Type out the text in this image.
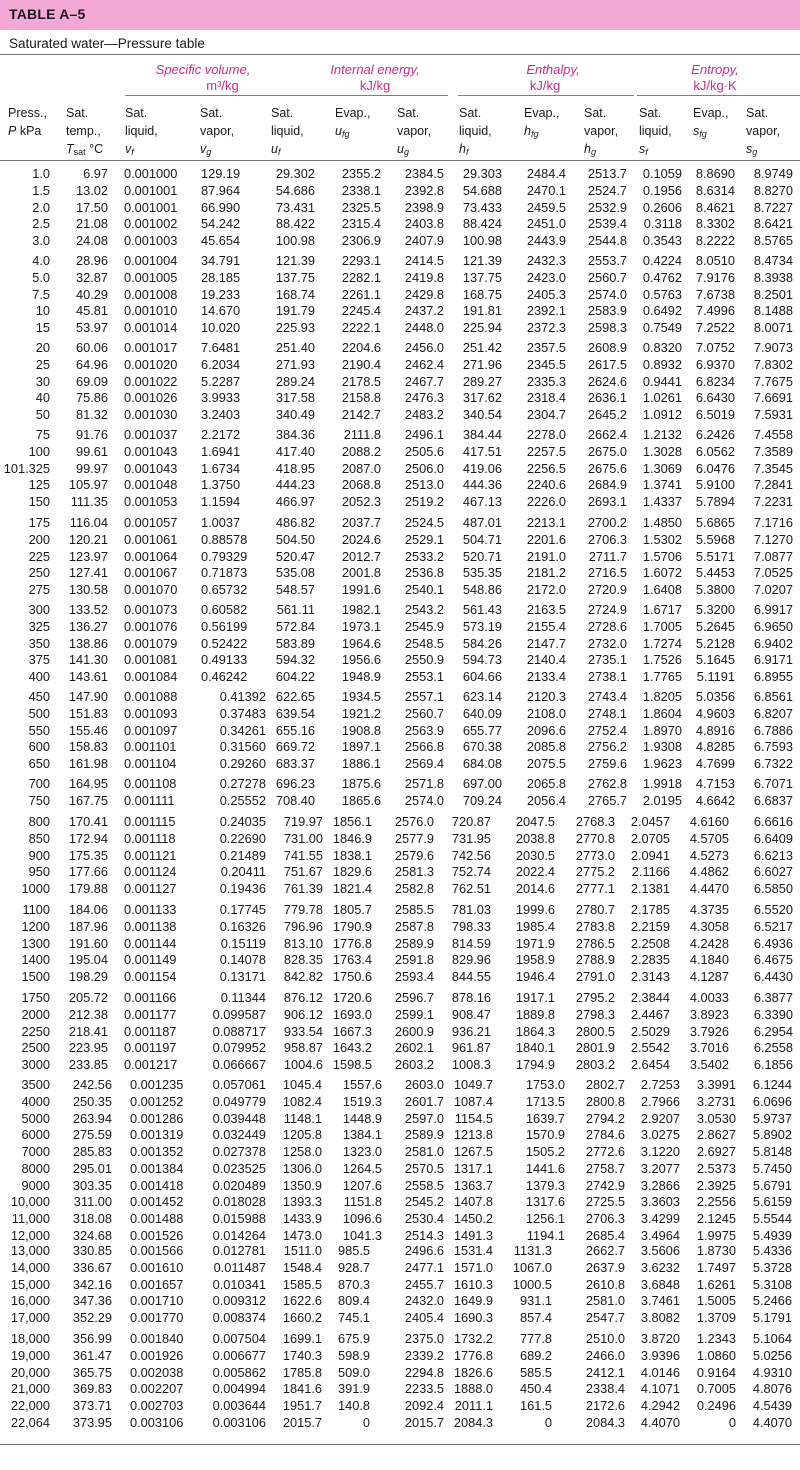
TABLE A–5
Saturated water—Pressure table
Specific volume,
m³/kg
Internal energy,
kJ/kg
Enthalpy,
kJ/kg
Entropy,
kJ/kg·K
Press.,
P kPa
Sat.
temp.,
$T_{sat}$ °C
Sat.
liquid,
$v_f$
Sat.
vapor,
$v_g$
Sat.
liquid,
$u_f$
Evap.,
$u_{fg}$
Sat.
vapor,
$u_g$
Sat.
liquid,
$h_f$
Evap.,
$h_{fg}$
Sat.
vapor,
$h_g$
Sat.
liquid,
$s_f$
Evap.,
$s_{fg}$
Sat.
vapor,
$s_g$
1.0	6.97 0.001000 129.19	29.302	2355.2	2384.5	29.303	2484.4	2513.7	0.1059	8.8690	8.9749
1.5	13.02 0.001001 87.964	54.686	2338.1	2392.8	54.688	2470.1	2524.7	0.1956	8.6314	8.8270
2.0	17.50 0.001001 66.990	73.431	2325.5	2398.9	73.433	2459.5	2532.9	0.2606	8.4621	8.7227
2.5	21.08 0.001002 54.242	88.422	2315.4	2403.8	88.424	2451.0	2539.4	0.3118	8.3302	8.6421
3.0	24.08 0.001003 45.654	100.98	2306.9	2407.9	100.98	2443.9	2544.8	0.3543	8.2222	8.5765
4.0	28.96 0.001004 34.791	121.39	2293.1	2414.5	121.39	2432.3	2553.7	0.4224	8.0510	8.4734
5.0	32.87 0.001005 28.185	137.75	2282.1	2419.8	137.75	2423.0	2560.7	0.4762	7.9176	8.3938
7.5	40.29 0.001008 19.233	168.74	2261.1	2429.8	168.75	2405.3	2574.0	0.5763	7.6738	8.2501
10	45.81 0.001010 14.670	191.79	2245.4	2437.2	191.81	2392.1	2583.9	0.6492	7.4996	8.1488
15	53.97 0.001014 10.020	225.93	2222.1	2448.0	225.94	2372.3	2598.3	0.7549	7.2522	8.0071
20	60.06 0.001017 7.6481	251.40	2204.6	2456.0	251.42	2357.5	2608.9	0.8320	7.0752	7.9073
25	64.96 0.001020 6.2034	271.93	2190.4	2462.4	271.96	2345.5	2617.5	0.8932	6.9370	7.8302
30	69.09 0.001022 5.2287	289.24	2178.5	2467.7	289.27	2335.3	2624.6	0.9441	6.8234	7.7675
40	75.86 0.001026 3.9933	317.58	2158.8	2476.3	317.62	2318.4	2636.1	1.0261	6.6430	7.6691
50	81.32 0.001030 3.2403	340.49	2142.7	2483.2	340.54	2304.7	2645.2	1.0912	6.5019	7.5931
75	91.76 0.001037 2.2172	384.36	2111.8	2496.1	384.44	2278.0	2662.4	1.2132	6.2426	7.4558
100	99.61 0.001043 1.6941	417.40	2088.2	2505.6	417.51	2257.5	2675.0	1.3028	6.0562	7.3589
101.325	99.97 0.001043 1.6734	418.95	2087.0	2506.0	419.06	2256.5	2675.6	1.3069	6.0476	7.3545
125	105.97 0.001048 1.3750	444.23	2068.8	2513.0	444.36	2240.6	2684.9	1.3741	5.9100	7.2841
150	111.35 0.001053 1.1594	466.97	2052.3	2519.2	467.13	2226.0	2693.1	1.4337	5.7894	7.2231
175	116.04 0.001057 1.0037	486.82	2037.7	2524.5	487.01	2213.1	2700.2	1.4850	5.6865	7.1716
200	120.21 0.001061 0.88578	504.50	2024.6	2529.1	504.71	2201.6	2706.3	1.5302	5.5968	7.1270
225	123.97 0.001064 0.79329	520.47	2012.7	2533.2	520.71	2191.0	2711.7	1.5706	5.5171	7.0877
250	127.41 0.001067 0.71873	535.08	2001.8	2536.8	535.35	2181.2	2716.5	1.6072	5.4453	7.0525
275	130.58 0.001070 0.65732	548.57	1991.6	2540.1	548.86	2172.0	2720.9	1.6408	5.3800	7.0207
300	133.52 0.001073 0.60582	561.11	1982.1	2543.2	561.43	2163.5	2724.9	1.6717	5.3200	6.9917
325	136.27 0.001076 0.56199	572.84	1973.1	2545.9	573.19	2155.4	2728.6	1.7005	5.2645	6.9650
350	138.86 0.001079 0.52422	583.89	1964.6	2548.5	584.26	2147.7	2732.0	1.7274	5.2128	6.9402
375	141.30 0.001081 0.49133	594.32	1956.6	2550.9	594.73	2140.4	2735.1	1.7526	5.1645	6.9171
400	143.61 0.001084 0.46242	604.22	1948.9	2553.1	604.66	2133.4	2738.1	1.7765	5.1191	6.8955
450	147.90 0.001088	0.41392 622.65	1934.5	2557.1	623.14	2120.3	2743.4	1.8205	5.0356	6.8561
500	151.83 0.001093	0.37483 639.54	1921.2	2560.7	640.09	2108.0	2748.1	1.8604	4.9603	6.8207
550	155.46 0.001097	0.34261 655.16	1908.8	2563.9	655.77	2096.6	2752.4	1.8970	4.8916	6.7886
600	158.83 0.001101	0.31560 669.72	1897.1	2566.8	670.38	2085.8	2756.2	1.9308	4.8285	6.7593
650	161.98 0.001104	0.29260 683.37	1886.1	2569.4	684.08	2075.5	2759.6	1.9623	4.7699	6.7322
700	164.95 0.001108	0.27278 696.23	1875.6	2571.8	697.00	2065.8	2762.8	1.9918	4.7153	6.7071
750	167.75 0.001111	0.25552 708.40	1865.6	2574.0	709.24	2056.4	2765.7	2.0195	4.6642	6.6837
800	170.41 0.001115	0.24035	719.97 1856.1	2576.0	720.87	2047.5	2768.3	2.0457	4.6160	6.6616
850	172.94 0.001118	0.22690	731.00 1846.9	2577.9	731.95	2038.8	2770.8	2.0705	4.5705	6.6409
900	175.35 0.001121	0.21489	741.55 1838.1	2579.6	742.56	2030.5	2773.0	2.0941	4.5273	6.6213
950	177.66 0.001124	0.20411	751.67 1829.6	2581.3	752.74	2022.4	2775.2	2.1166	4.4862	6.6027
1000	179.88 0.001127	0.19436	761.39 1821.4	2582.8	762.51	2014.6	2777.1	2.1381	4.4470	6.5850
1100	184.06 0.001133	0.17745	779.78 1805.7	2585.5	781.03	1999.6	2780.7	2.1785	4.3735	6.5520
1200	187.96 0.001138	0.16326	796.96 1790.9	2587.8	798.33	1985.4	2783.8	2.2159	4.3058	6.5217
1300	191.60 0.001144	0.15119	813.10 1776.8	2589.9	814.59	1971.9	2786.5	2.2508	4.2428	6.4936
1400	195.04 0.001149	0.14078	828.35 1763.4	2591.8	829.96	1958.9	2788.9	2.2835	4.1840	6.4675
1500	198.29 0.001154	0.13171	842.82 1750.6	2593.4	844.55	1946.4	2791.0	2.3143	4.1287	6.4430
1750	205.72 0.001166	0.11344	876.12 1720.6	2596.7	878.16	1917.1	2795.2	2.3844	4.0033	6.3877
2000	212.38 0.001177	0.099587	906.12 1693.0	2599.1	908.47	1889.8	2798.3	2.4467	3.8923	6.3390
2250	218.41 0.001187	0.088717	933.54 1667.3	2600.9	936.21	1864.3	2800.5	2.5029	3.7926	6.2954
2500	223.95 0.001197	0.079952	958.87 1643.2	2602.1	961.87	1840.1	2801.9	2.5542	3.7016	6.2558
3000	233.85 0.001217	0.066667	1004.6 1598.5	2603.2	1008.3	1794.9	2803.2	2.6454	3.5402	6.1856
3500	242.56 0.001235	0.057061	1045.4	1557.6	2603.0 1049.7	1753.0	2802.7	2.7253	3.3991	6.1244
4000	250.35 0.001252	0.049779	1082.4	1519.3	2601.7 1087.4	1713.5	2800.8	2.7966	3.2731	6.0696
5000	263.94 0.001286	0.039448	1148.1	1448.9	2597.0 1154.5	1639.7	2794.2	2.9207	3.0530	5.9737
6000	275.59 0.001319	0.032449	1205.8	1384.1	2589.9 1213.8	1570.9	2784.6	3.0275	2.8627	5.8902
7000	285.83 0.001352	0.027378	1258.0	1323.0	2581.0 1267.5	1505.2	2772.6	3.1220	2.6927	5.8148
8000	295.01 0.001384	0.023525	1306.0	1264.5	2570.5 1317.1	1441.6	2758.7	3.2077	2.5373	5.7450
9000	303.35 0.001418	0.020489	1350.9	1207.6	2558.5 1363.7	1379.3	2742.9	3.2866	2.3925	5.6791
10,000	311.00 0.001452	0.018028	1393.3	1151.8	2545.2 1407.8	1317.6	2725.5	3.3603	2.2556	5.6159
11,000	318.08 0.001488	0.015988	1433.9	1096.6	2530.4 1450.2	1256.1	2706.3	3.4299	2.1245	5.5544
12,000	324.68 0.001526	0.014264	1473.0	1041.3	2514.3 1491.3	1194.1	2685.4	3.4964	1.9975	5.4939
13,000	330.85 0.001566	0.012781	1511.0	985.5	2496.6 1531.4	1131.3	2662.7	3.5606	1.8730	5.4336
14,000	336.67 0.001610	0.011487	1548.4	928.7	2477.1 1571.0	1067.0	2637.9	3.6232	1.7497	5.3728
15,000	342.16 0.001657	0.010341	1585.5	870.3	2455.7 1610.3	1000.5	2610.8	3.6848	1.6261	5.3108
16,000	347.36 0.001710	0.009312	1622.6	809.4	2432.0 1649.9	931.1	2581.0	3.7461	1.5005	5.2466
17,000	352.29 0.001770	0.008374	1660.2	745.1	2405.4 1690.3	857.4	2547.7	3.8082	1.3709	5.1791
18,000	356.99 0.001840	0.007504	1699.1	675.9	2375.0 1732.2	777.8	2510.0	3.8720	1.2343	5.1064
19,000	361.47 0.001926	0.006677	1740.3	598.9	2339.2 1776.8	689.2	2466.0	3.9396	1.0860	5.0256
20,000	365.75 0.002038	0.005862	1785.8	509.0	2294.8 1826.6	585.5	2412.1	4.0146	0.9164	4.9310
21,000	369.83 0.002207	0.004994	1841.6	391.9	2233.5 1888.0	450.4	2338.4	4.1071	0.7005	4.8076
22,000	373.71 0.002703	0.003644	1951.7	140.8	2092.4 2011.1	161.5	2172.6	4.2942	0.2496	4.5439
22,064	373.95 0.003106	0.003106	2015.7	0	2015.7 2084.3	0	2084.3	4.4070	0	4.4070
